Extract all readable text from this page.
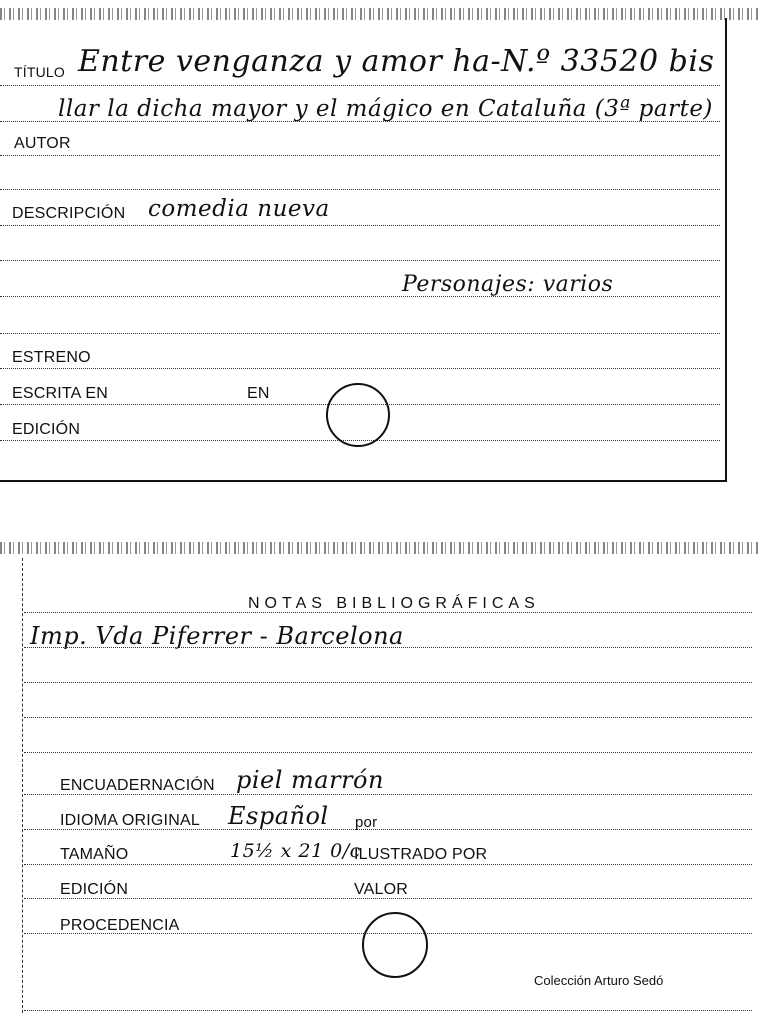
TÍTULO Entre venganza y amor ha-N.º 33520 bis
llar la dicha mayor y el mágico en Cataluña (3ª parte)
AUTOR
DESCRIPCIÓN comedia nueva
Personajes: varios
ESTRENO
ESCRITA EN	EN
EDICIÓN
NOTAS BIBLIOGRÁFICAS
Imp. Vda Piferrer - Barcelona
ENCUADERNACIÓN piel marrón
IDIOMA ORIGINAL Español por
TAMAÑO	15½ x 21 0/c
ILUSTRADO POR
EDICIÓN	VALOR
PROCEDENCIA
Colección Arturo Sedó
